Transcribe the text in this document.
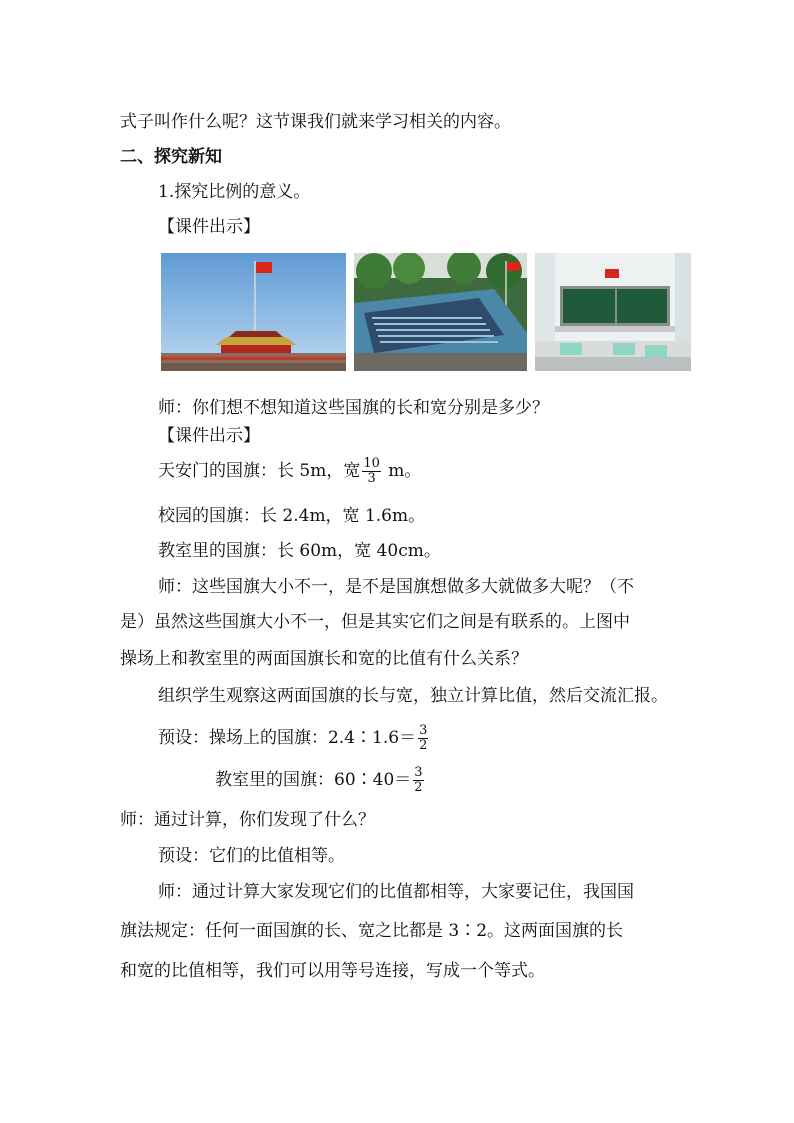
式子叫作什么呢？这节课我们就来学习相关的内容。
二、探究新知
1.探究比例的意义。
【课件出示】
师：你们想不想知道这些国旗的长和宽分别是多少？
【课件出示】
天安门的国旗：长 5m，宽 $\frac{10}{3}$ m。
校园的国旗：长 2.4m，宽 1.6m。
教室里的国旗：长 60m，宽 40cm。
师：这些国旗大小不一，是不是国旗想做多大就做多大呢？（不
是）虽然这些国旗大小不一，但是其实它们之间是有联系的。上图中
操场上和教室里的两面国旗长和宽的比值有什么关系？
组织学生观察这两面国旗的长与宽，独立计算比值，然后交流汇报。
预设：操场上的国旗：2.4∶1.6＝ $\frac{3}{2}$
教室里的国旗：60∶40＝ $\frac{3}{2}$
师：通过计算，你们发现了什么？
预设：它们的比值相等。
师：通过计算大家发现它们的比值都相等，大家要记住，我国国
旗法规定：任何一面国旗的长、宽之比都是 3∶2。这两面国旗的长
和宽的比值相等，我们可以用等号连接，写成一个等式。
